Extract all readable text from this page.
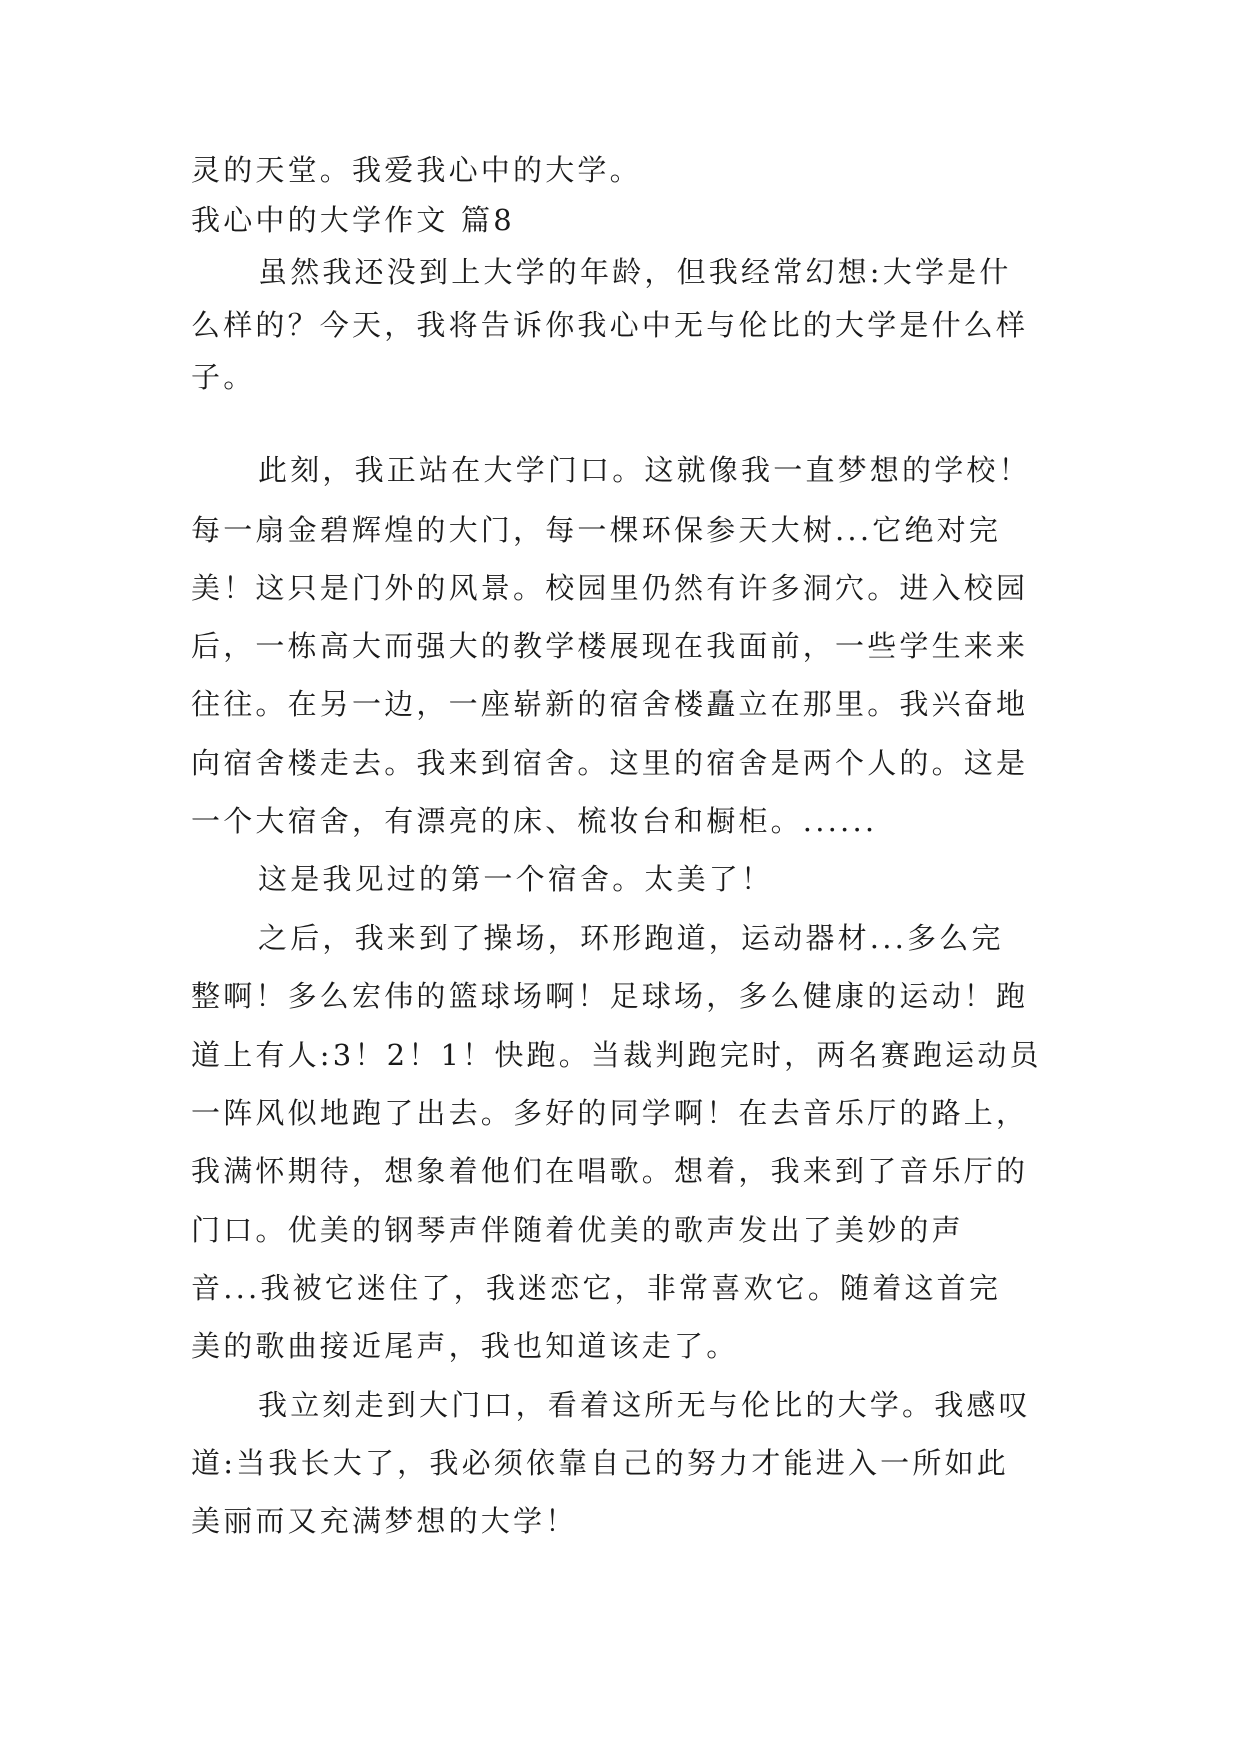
灵的天堂。我爱我心中的大学。
我心中的大学作文 篇8
虽然我还没到上大学的年龄，但我经常幻想:大学是什
么样的？今天，我将告诉你我心中无与伦比的大学是什么样
子。
此刻，我正站在大学门口。这就像我一直梦想的学校！
每一扇金碧辉煌的大门，每一棵环保参天大树...它绝对完
美！这只是门外的风景。校园里仍然有许多洞穴。进入校园
后，一栋高大而强大的教学楼展现在我面前，一些学生来来
往往。在另一边，一座崭新的宿舍楼矗立在那里。我兴奋地
向宿舍楼走去。我来到宿舍。这里的宿舍是两个人的。这是
一个大宿舍，有漂亮的床、梳妆台和橱柜。......
这是我见过的第一个宿舍。太美了！
之后，我来到了操场，环形跑道，运动器材...多么完
整啊！多么宏伟的篮球场啊！足球场，多么健康的运动！跑
道上有人:3！2！1！快跑。当裁判跑完时，两名赛跑运动员
一阵风似地跑了出去。多好的同学啊！在去音乐厅的路上，
我满怀期待，想象着他们在唱歌。想着，我来到了音乐厅的
门口。优美的钢琴声伴随着优美的歌声发出了美妙的声
音...我被它迷住了，我迷恋它，非常喜欢它。随着这首完
美的歌曲接近尾声，我也知道该走了。
我立刻走到大门口，看着这所无与伦比的大学。我感叹
道:当我长大了，我必须依靠自己的努力才能进入一所如此
美丽而又充满梦想的大学！
